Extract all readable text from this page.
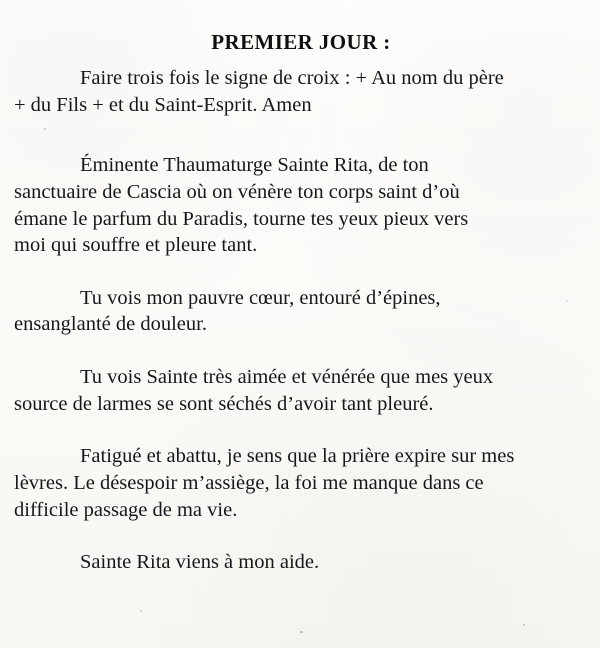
PREMIER JOUR :

Faire trois fois le signe de croix : + Au nom du père

+ du Fils + et du Saint-Esprit. Amen

Éminente Thaumaturge Sainte Rita, de ton

sanctuaire de Cascia où on vénère ton corps saint d’où

émane le parfum du Paradis, tourne tes yeux pieux vers

moi qui souffre et pleure tant.

Tu vois mon pauvre cœur, entouré d’épines,

ensanglanté de douleur.

Tu vois Sainte très aimée et vénérée que mes yeux

source de larmes se sont séchés d’avoir tant pleuré.

Fatigué et abattu, je sens que la prière expire sur mes

lèvres. Le désespoir m’assiège, la foi me manque dans ce

difficile passage de ma vie.

Sainte Rita viens à mon aide.
